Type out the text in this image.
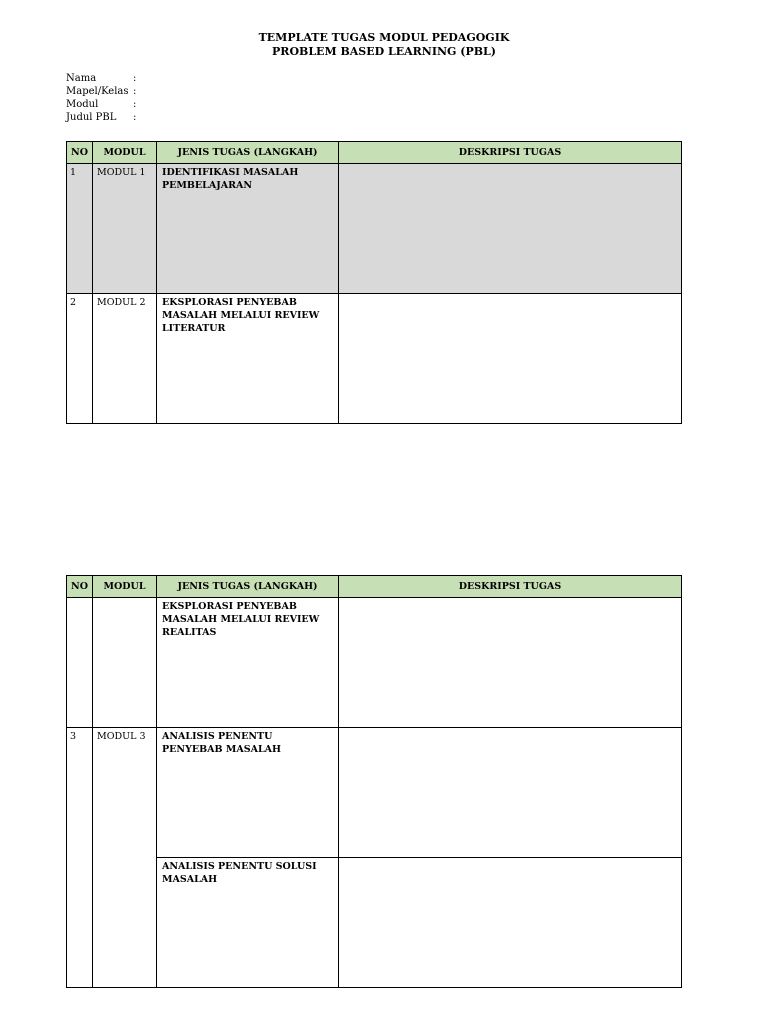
TEMPLATE TUGAS MODUL PEDAGOGIK
PROBLEM BASED LEARNING (PBL)
Nama	:
Mapel/Kelas :
Modul	:
Judul PBL	:
NO	MODUL	JENIS TUGAS (LANGKAH)	DESKRIPSI TUGAS
1	MODUL 1	IDENTIFIKASI MASALAH PEMBELAJARAN	
2	MODUL 2	EKSPLORASI PENYEBAB MASALAH MELALUI REVIEW LITERATUR	
NO	MODUL	JENIS TUGAS (LANGKAH)	DESKRIPSI TUGAS
		EKSPLORASI PENYEBAB MASALAH MELALUI REVIEW REALITAS	
3	MODUL 3	ANALISIS PENENTU PENYEBAB MASALAH	
		ANALISIS PENENTU SOLUSI MASALAH	
